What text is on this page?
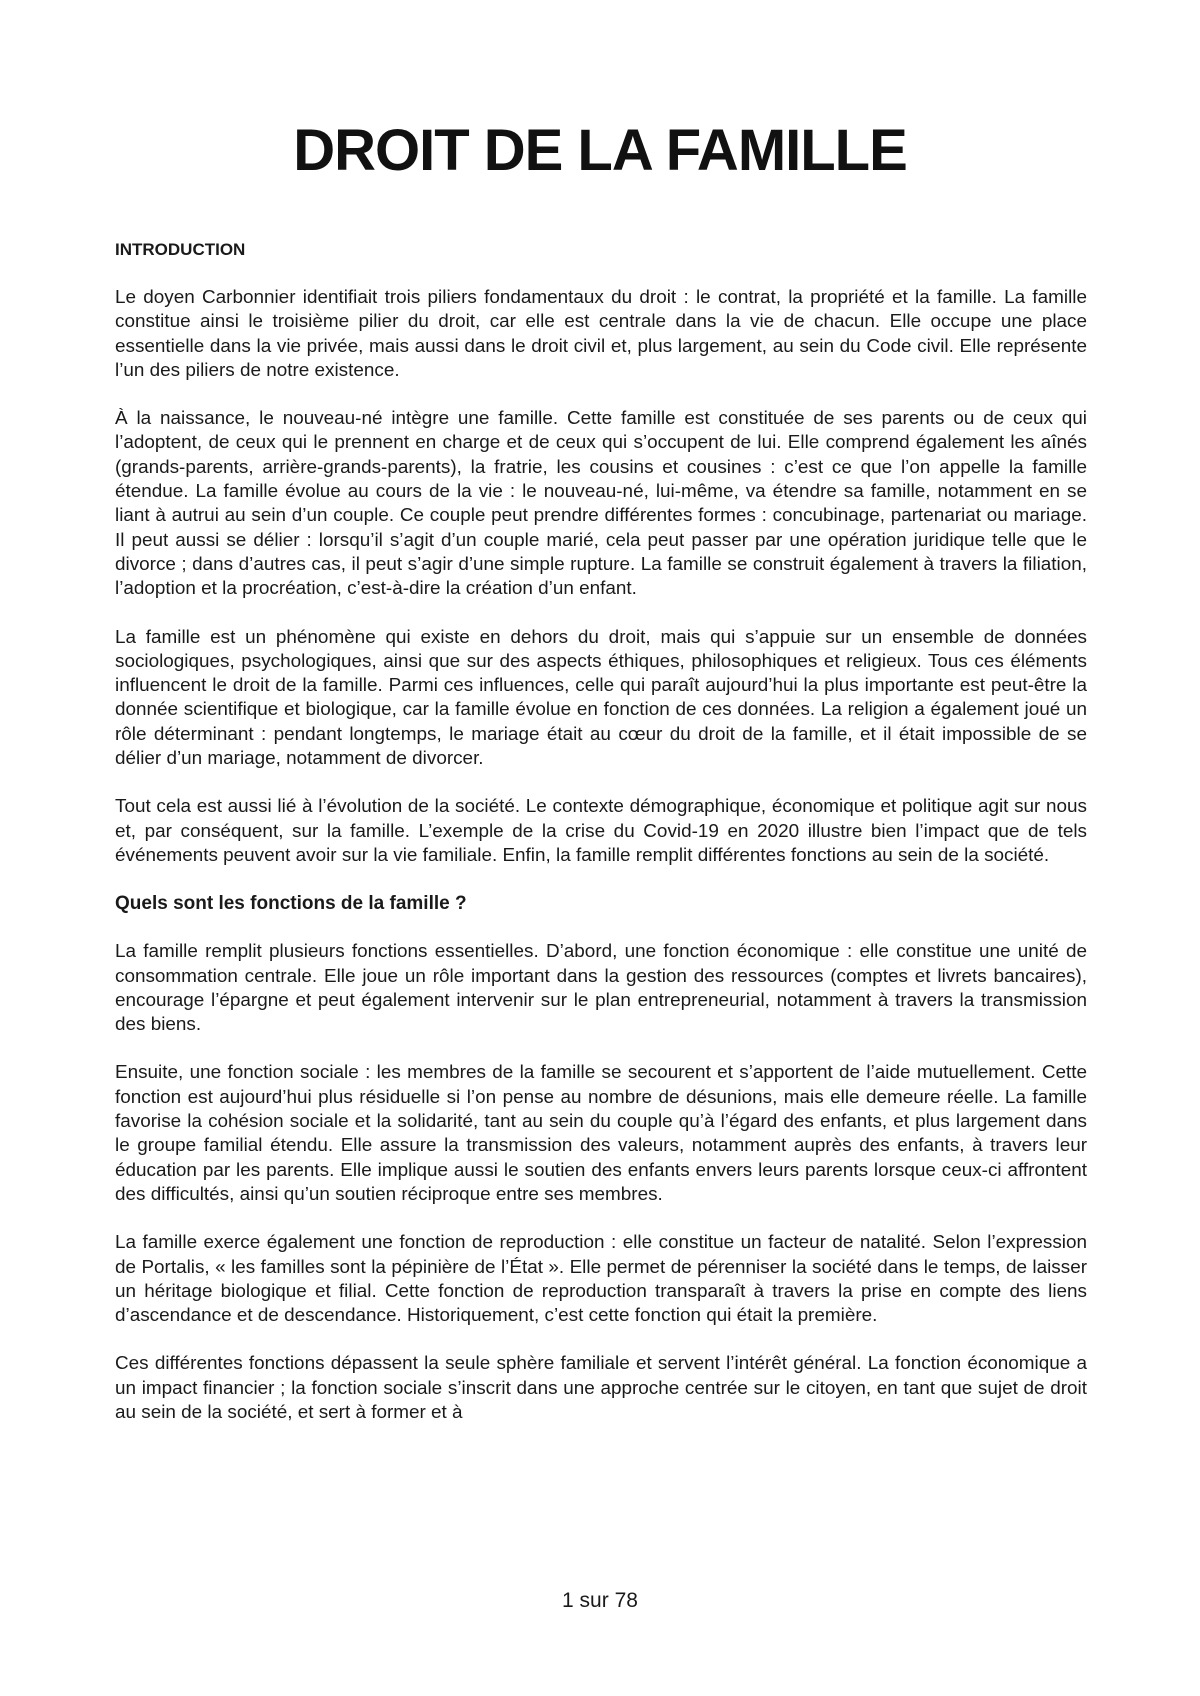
DROIT DE LA FAMILLE
INTRODUCTION

Le doyen Carbonnier identifiait trois piliers fondamentaux du droit : le contrat, la propriété et la famille. La famille constitue ainsi le troisième pilier du droit, car elle est centrale dans la vie de chacun. Elle occupe une place essentielle dans la vie privée, mais aussi dans le droit civil et, plus largement, au sein du Code civil. Elle représente l’un des piliers de notre existence.

À la naissance, le nouveau-né intègre une famille. Cette famille est constituée de ses parents ou de ceux qui l’adoptent, de ceux qui le prennent en charge et de ceux qui s’occupent de lui. Elle comprend également les aînés (grands-parents, arrière-grands-parents), la fratrie, les cousins et cousines : c’est ce que l’on appelle la famille étendue. La famille évolue au cours de la vie : le nouveau-né, lui-même, va étendre sa famille, notamment en se liant à autrui au sein d’un couple. Ce couple peut prendre différentes formes : concubinage, partenariat ou mariage. Il peut aussi se délier : lorsqu’il s’agit d’un couple marié, cela peut passer par une opération juridique telle que le divorce ; dans d’autres cas, il peut s’agir d’une simple rupture. La famille se construit également à travers la filiation, l’adoption et la procréation, c’est-à-dire la création d’un enfant.

La famille est un phénomène qui existe en dehors du droit, mais qui s’appuie sur un ensemble de données sociologiques, psychologiques, ainsi que sur des aspects éthiques, philosophiques et religieux. Tous ces éléments influencent le droit de la famille. Parmi ces influences, celle qui paraît aujourd’hui la plus importante est peut-être la donnée scientifique et biologique, car la famille évolue en fonction de ces données. La religion a également joué un rôle déterminant : pendant longtemps, le mariage était au cœur du droit de la famille, et il était impossible de se délier d’un mariage, notamment de divorcer.

Tout cela est aussi lié à l’évolution de la société. Le contexte démographique, économique et politique agit sur nous et, par conséquent, sur la famille. L’exemple de la crise du Covid-19 en 2020 illustre bien l’impact que de tels événements peuvent avoir sur la vie familiale. Enfin, la famille remplit différentes fonctions au sein de la société.

Quels sont les fonctions de la famille ?

La famille remplit plusieurs fonctions essentielles. D’abord, une fonction économique : elle constitue une unité de consommation centrale. Elle joue un rôle important dans la gestion des ressources (comptes et livrets bancaires), encourage l’épargne et peut également intervenir sur le plan entrepreneurial, notamment à travers la transmission des biens.

Ensuite, une fonction sociale : les membres de la famille se secourent et s’apportent de l’aide mutuellement. Cette fonction est aujourd’hui plus résiduelle si l’on pense au nombre de désunions, mais elle demeure réelle. La famille favorise la cohésion sociale et la solidarité, tant au sein du couple qu’à l’égard des enfants, et plus largement dans le groupe familial étendu. Elle assure la transmission des valeurs, notamment auprès des enfants, à travers leur éducation par les parents. Elle implique aussi le soutien des enfants envers leurs parents lorsque ceux-ci affrontent des difficultés, ainsi qu’un soutien réciproque entre ses membres.

La famille exerce également une fonction de reproduction : elle constitue un facteur de natalité. Selon l’expression de Portalis, « les familles sont la pépinière de l’État ». Elle permet de pérenniser la société dans le temps, de laisser un héritage biologique et filial. Cette fonction de reproduction transparaît à travers la prise en compte des liens d’ascendance et de descendance. Historiquement, c’est cette fonction qui était la première.

Ces différentes fonctions dépassent la seule sphère familiale et servent l’intérêt général. La fonction économique a un impact financier ; la fonction sociale s’inscrit dans une approche centrée sur le citoyen, en tant que sujet de droit au sein de la société, et sert à former et à

1 sur 78
